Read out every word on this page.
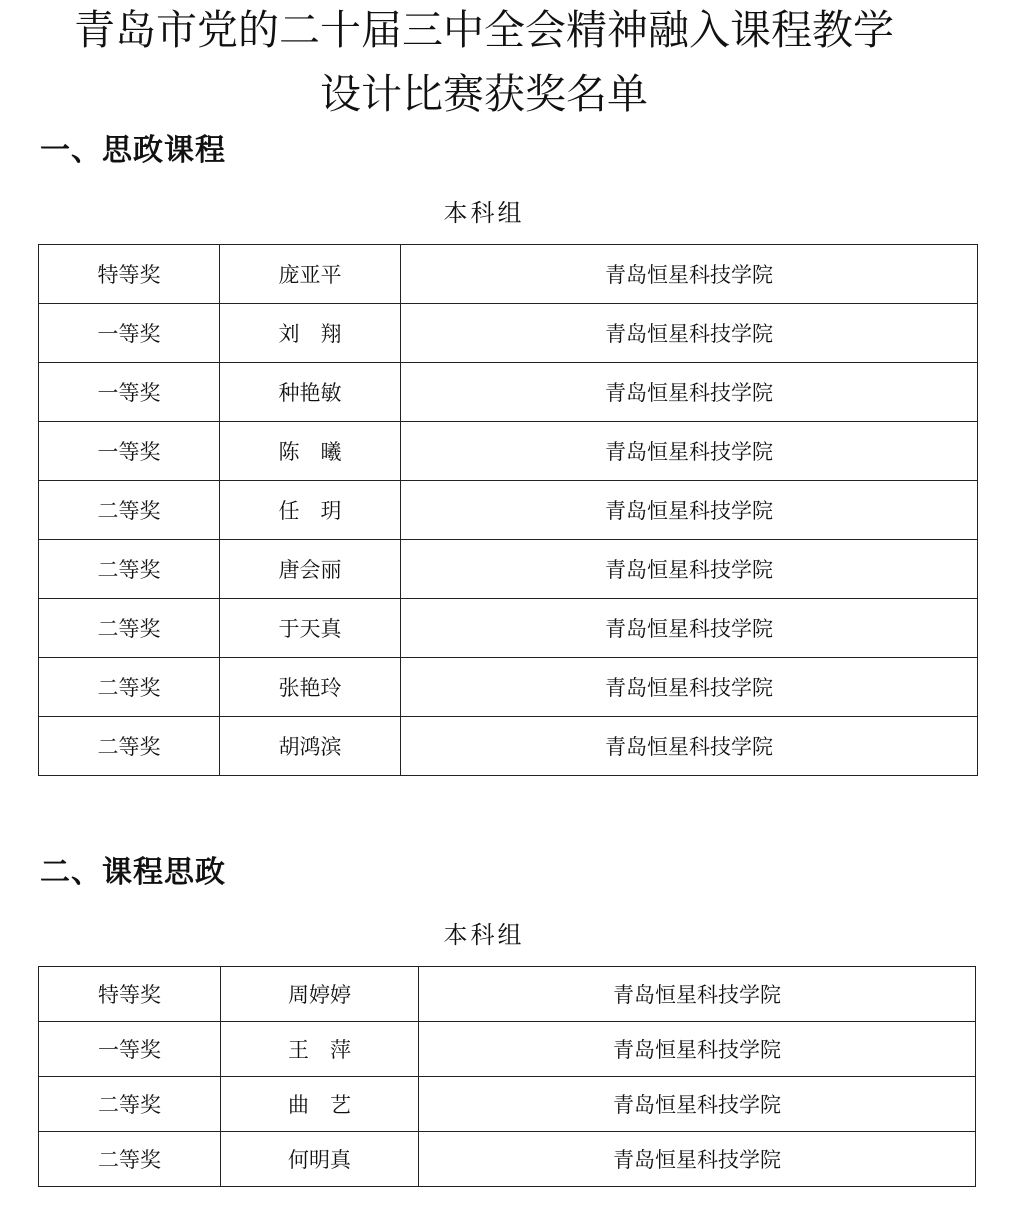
青岛市党的二十届三中全会精神融入课程教学
设计比赛获奖名单
一、思政课程

本科组

特等奖	庞亚平	青岛恒星科技学院
一等奖	刘　翔	青岛恒星科技学院
一等奖	种艳敏	青岛恒星科技学院
一等奖	陈　曦	青岛恒星科技学院
二等奖	任　玥	青岛恒星科技学院
二等奖	唐会丽	青岛恒星科技学院
二等奖	于天真	青岛恒星科技学院
二等奖	张艳玲	青岛恒星科技学院
二等奖	胡鸿滨	青岛恒星科技学院
二、课程思政

本科组

特等奖	周婷婷	青岛恒星科技学院
一等奖	王　萍	青岛恒星科技学院
二等奖	曲　艺	青岛恒星科技学院
二等奖	何明真	青岛恒星科技学院
